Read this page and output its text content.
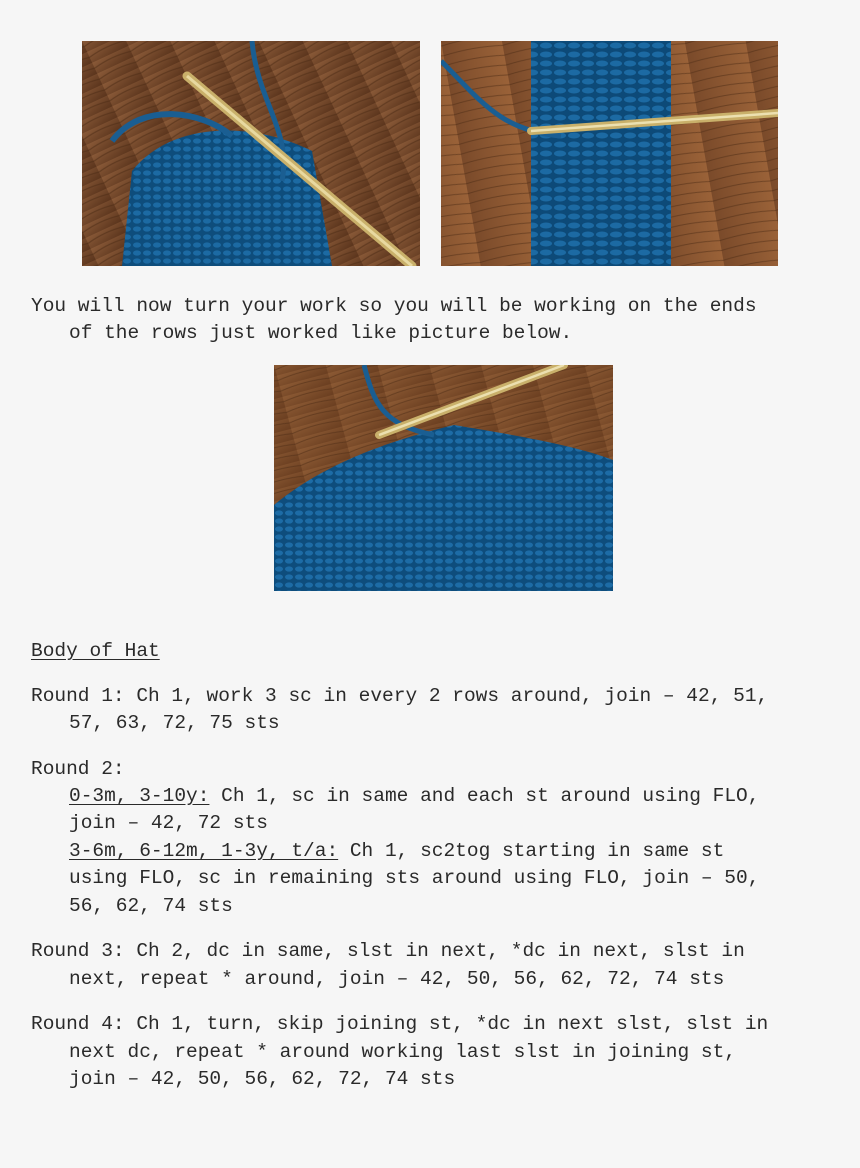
You will now turn your work so you will be working on the ends
of the rows just worked like picture below.
Body of Hat
Round 1: Ch 1, work 3 sc in every 2 rows around, join – 42, 51,
57, 63, 72, 75 sts
Round 2:
0-3m, 3-10y: Ch 1, sc in same and each st around using FLO,
join – 42, 72 sts
3-6m, 6-12m, 1-3y, t/a: Ch 1, sc2tog starting in same st
using FLO, sc in remaining sts around using FLO, join – 50,
56, 62, 74 sts
Round 3: Ch 2, dc in same, slst in next, *dc in next, slst in
next, repeat * around, join – 42, 50, 56, 62, 72, 74 sts
Round 4: Ch 1, turn, skip joining st, *dc in next slst, slst in
next dc, repeat * around working last slst in joining st,
join – 42, 50, 56, 62, 72, 74 sts
